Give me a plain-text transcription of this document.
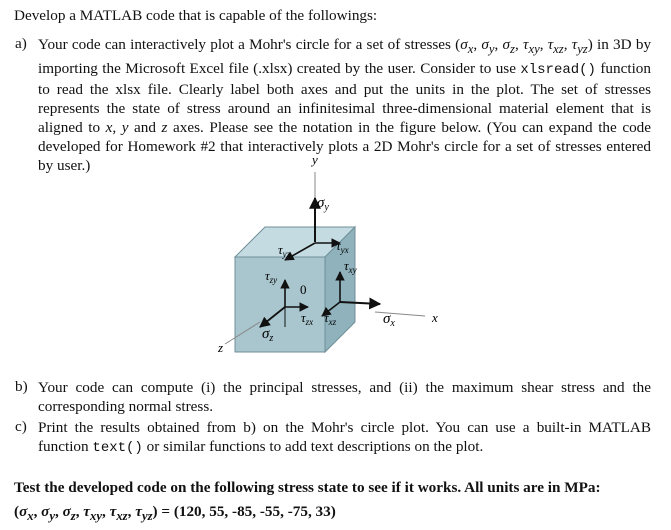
Develop a MATLAB code that is capable of the followings:
a) Your code can interactively plot a Mohr's circle for a set of stresses ($\sigma_x$, $\sigma_y$, $\sigma_z$, $\tau_{xy}$, $\tau_{xz}$, $\tau_{yz}$) in 3D by importing the Microsoft Excel file (.xlsx) created by the user. Consider to use xlsread() function to read the xlsx file. Clearly label both axes and put the units in the plot. The set of stresses represents the state of stress around an infinitesimal three-dimensional material element that is aligned to x, y and z axes. Please see the notation in the figure below. (You can expand the code developed for Homework #2 that interactively plots a 2D Mohr's circle for a set of stresses entered by user.)	y
x
z
0
$\sigma_y$
$\sigma_x$
$\sigma_z$
$\tau_{yz}$
$\tau_{yx}$
$\tau_{xy}$
$\tau_{zy}$
$\tau_{zx}$ $\tau_{xz}$
b) Your code can compute (i) the principal stresses, and (ii) the maximum shear stress and the corresponding normal stress.
c) Print the results obtained from b) on the Mohr's circle plot. You can use a built-in MATLAB function text() or similar functions to add text descriptions on the plot.
Test the developed code on the following stress state to see if it works. All units are in MPa:
($\sigma_x$, $\sigma_y$, $\sigma_z$, $\tau_{xy}$, $\tau_{xz}$, $\tau_{yz}) = (120$, 55, -85, -55, -75, 33)
